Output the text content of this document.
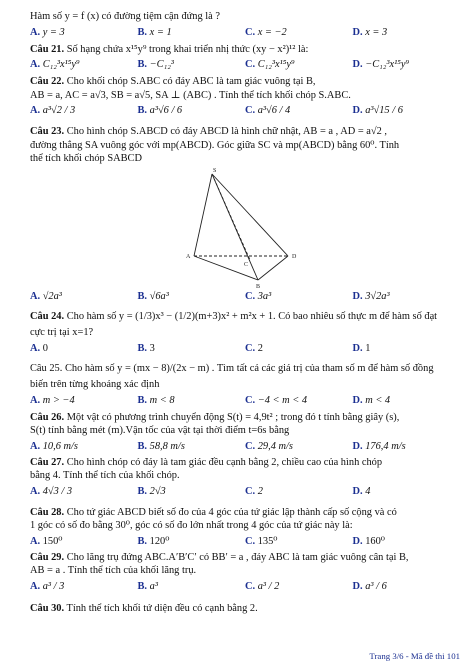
Hàm số y = f (x) có đường tiệm cận đứng là ?
A. y = 3	B. x = 1	C. x = −2	D. x = 3
Câu 21. Số hạng chứa x¹⁵y⁹ trong khai triển nhị thức (xy − x²)¹² là:
A. C₁₂³x¹⁵y⁹	B. −C₁₂³	C. C₁₂³x¹⁵y⁹	D. −C₁₂³x¹⁵y⁹
Câu 22. Cho khối chóp S.ABC có đáy ABC là tam giác vuông tại B,
AB = a, AC = a√3, SB = a√5, SA ⊥ (ABC) . Tính thể tích khối chóp S.ABC.
A. a³√2 / 3	B. a³√6 / 6	C. a³√6 / 4	D. a³√15 / 6
Câu 23. Cho hình chóp S.ABCD có đáy ABCD là hình chữ nhật, AB = a , AD = a√2 ,
đường thẳng SA vuông góc với mp(ABCD). Góc giữa SC và mp(ABCD) bằng 60⁰. Tính
thể tích khối chóp SABCD
S
A
B
C
D
A. √2a³	B. √6a³	C. 3a³	D. 3√2a³
Câu 24. Cho hàm số y = (1/3)x³ − (1/2)(m+3)x² + m²x + 1. Có bao nhiêu số thực m để hàm số đạt
cực trị tại x=1?
A. 0	B. 3	C. 2	D. 1
Câu 25. Cho hàm số y = (mx − 8)/(2x − m) . Tìm tất cả các giá trị của tham số m để hàm số đồng
biến trên từng khoảng xác định
A. m > −4	B. m < 8	C. −4 < m < 4	D. m < 4
Câu 26. Một vật có phương trình chuyển động S(t) = 4,9t² ; trong đó t tính bằng giây (s),
S(t) tính bằng mét (m).Vận tốc của vật tại thời điểm t=6s bằng
A. 10,6 m/s	B. 58,8 m/s	C. 29,4 m/s	D. 176,4 m/s
Câu 27. Cho hình chóp có đáy là tam giác đều cạnh bằng 2, chiều cao của hình chóp
bằng 4. Tính thể tích của khối chóp.
A. 4√3 / 3	B. 2√3	C. 2	D. 4
Câu 28. Cho tứ giác ABCD biết số đo của 4 góc của tứ giác lập thành cấp số cộng và có
1 góc có số đo bằng 30⁰, góc có số đo lớn nhất trong 4 góc của tứ giác này là:
A. 150⁰	B. 120⁰	C. 135⁰	D. 160⁰
Câu 29. Cho lăng trụ đứng ABC.A′B′C′ có BB′ = a , đáy ABC là tam giác vuông cân tại B,
AB = a . Tính thể tích của khối lăng trụ.
A. a³ / 3	B. a³	C. a³ / 2	D. a³ / 6
Câu 30. Tính thể tích khối tứ diện đều có cạnh bằng 2.
Trang 3/6 - Mã đề thi 101
